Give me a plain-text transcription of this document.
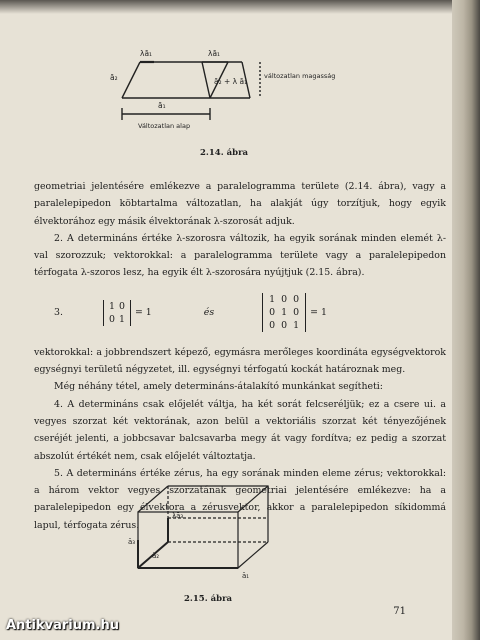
λā₁	λā₁
ā₂	ā₂ + λ ā₁
ā₁
változatlan magasság
Változatlan alap
2.14. ábra

geometriai jelentésére emlékezve a paralelogramma területe (2.14. ábra), vagy a paralelepipedon köbtartalma változatlan, ha alakját úgy torzítjuk, hogy egyik élvektorához egy másik élvektorának λ-szorosát adjuk.

2. A determináns értéke λ-szorosra változik, ha egyik sorának minden elemét λ-val szorozzuk; vektorokkal: a paralelogramma területe vagy a paralelepipedon térfogata λ-szoros lesz, ha egyik élt λ-szorosára nyújtjuk (2.15. ábra).

3.
1 0
0 1
= 1	és
1 0 0
0 1 0
0 0 1
= 1

vektorokkal: a jobbrendszert képező, egymásra merőleges koordináta egységvektorok egységnyi területű négyzetet, ill. egységnyi térfogatú kockát határoznak meg.

Még néhány tétel, amely determináns-átalakító munkánkat segítheti:

4. A determináns csak előjelét váltja, ha két sorát felcseréljük; ez a csere ui. a vegyes szorzat két vektorának, azon belül a vektoriális szorzat két tényezőjének cseréjét jelenti, a jobbcsavar balcsavarba megy át vagy fordítva; ez pedig a szorzat abszolút értékét nem, csak előjelét változtatja.

5. A determináns értéke zérus, ha egy sorának minden eleme zérus; vektorokkal: a három vektor vegyes szorzatának geometriai jelentésére emlékezve: ha a paralelepipedon egy élvektora a zérusvektor, akkor a paralelepipedon síkidommá lapul, térfogata zérus.

λā₃
ā₃
ā₂
ā₁
2.15. ábra
71
Antikvarium.hu
